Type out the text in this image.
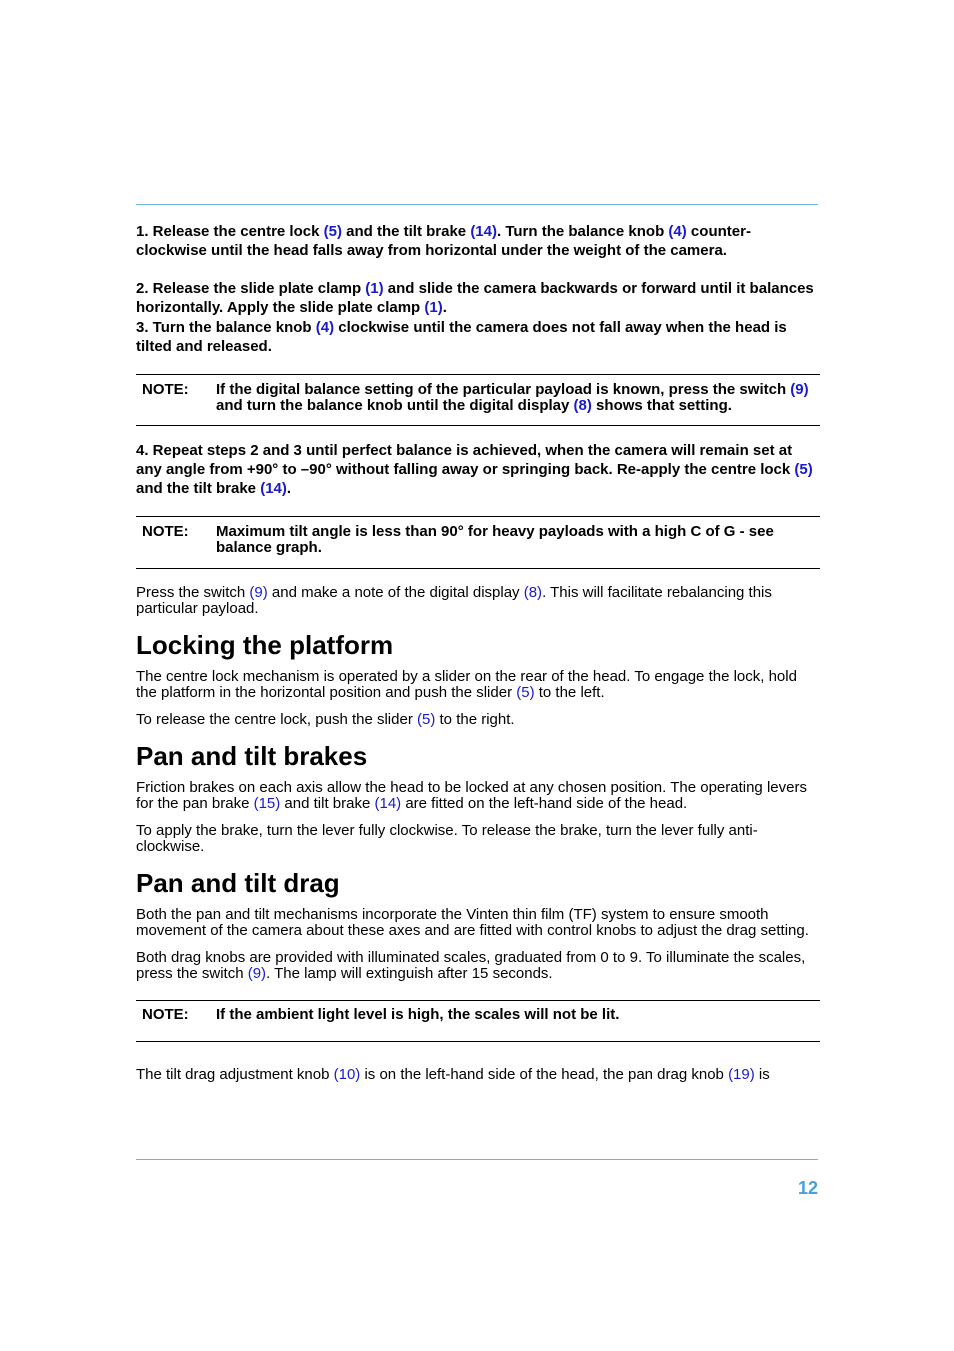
1. Release the centre lock (5) and the tilt brake (14). Turn the balance knob (4) counter-clockwise until the head falls away from horizontal under the weight of the camera.

2. Release the slide plate clamp (1) and slide the camera backwards or forward until it balances horizontally. Apply the slide plate clamp (1).

3. Turn the balance knob (4) clockwise until the camera does not fall away when the head is tilted and released.

NOTE:	If the digital balance setting of the particular payload is known, press the switch (9) and turn the balance knob until the digital display (8) shows that setting.

4. Repeat steps 2 and 3 until perfect balance is achieved, when the camera will remain set at any angle from +90° to –90° without falling away or springing back. Re-apply the centre lock (5) and the tilt brake (14).

NOTE:	Maximum tilt angle is less than 90° for heavy payloads with a high C of G - see balance graph.

Press the switch (9) and make a note of the digital display (8). This will facilitate rebalancing this particular payload.

Locking the platform

The centre lock mechanism is operated by a slider on the rear of the head. To engage the lock, hold the platform in the horizontal position and push the slider (5) to the left.

To release the centre lock, push the slider (5) to the right.

Pan and tilt brakes

Friction brakes on each axis allow the head to be locked at any chosen position. The operating levers for the pan brake (15) and tilt brake (14) are fitted on the left-hand side of the head.

To apply the brake, turn the lever fully clockwise. To release the brake, turn the lever fully anti-clockwise.

Pan and tilt drag

Both the pan and tilt mechanisms incorporate the Vinten thin film (TF) system to ensure smooth movement of the camera about these axes and are fitted with control knobs to adjust the drag setting.

Both drag knobs are provided with illuminated scales, graduated from 0 to 9. To illuminate the scales, press the switch (9). The lamp will extinguish after 15 seconds.

NOTE:	If the ambient light level is high, the scales will not be lit.

The tilt drag adjustment knob (10) is on the left-hand side of the head, the pan drag knob (19) is

12
